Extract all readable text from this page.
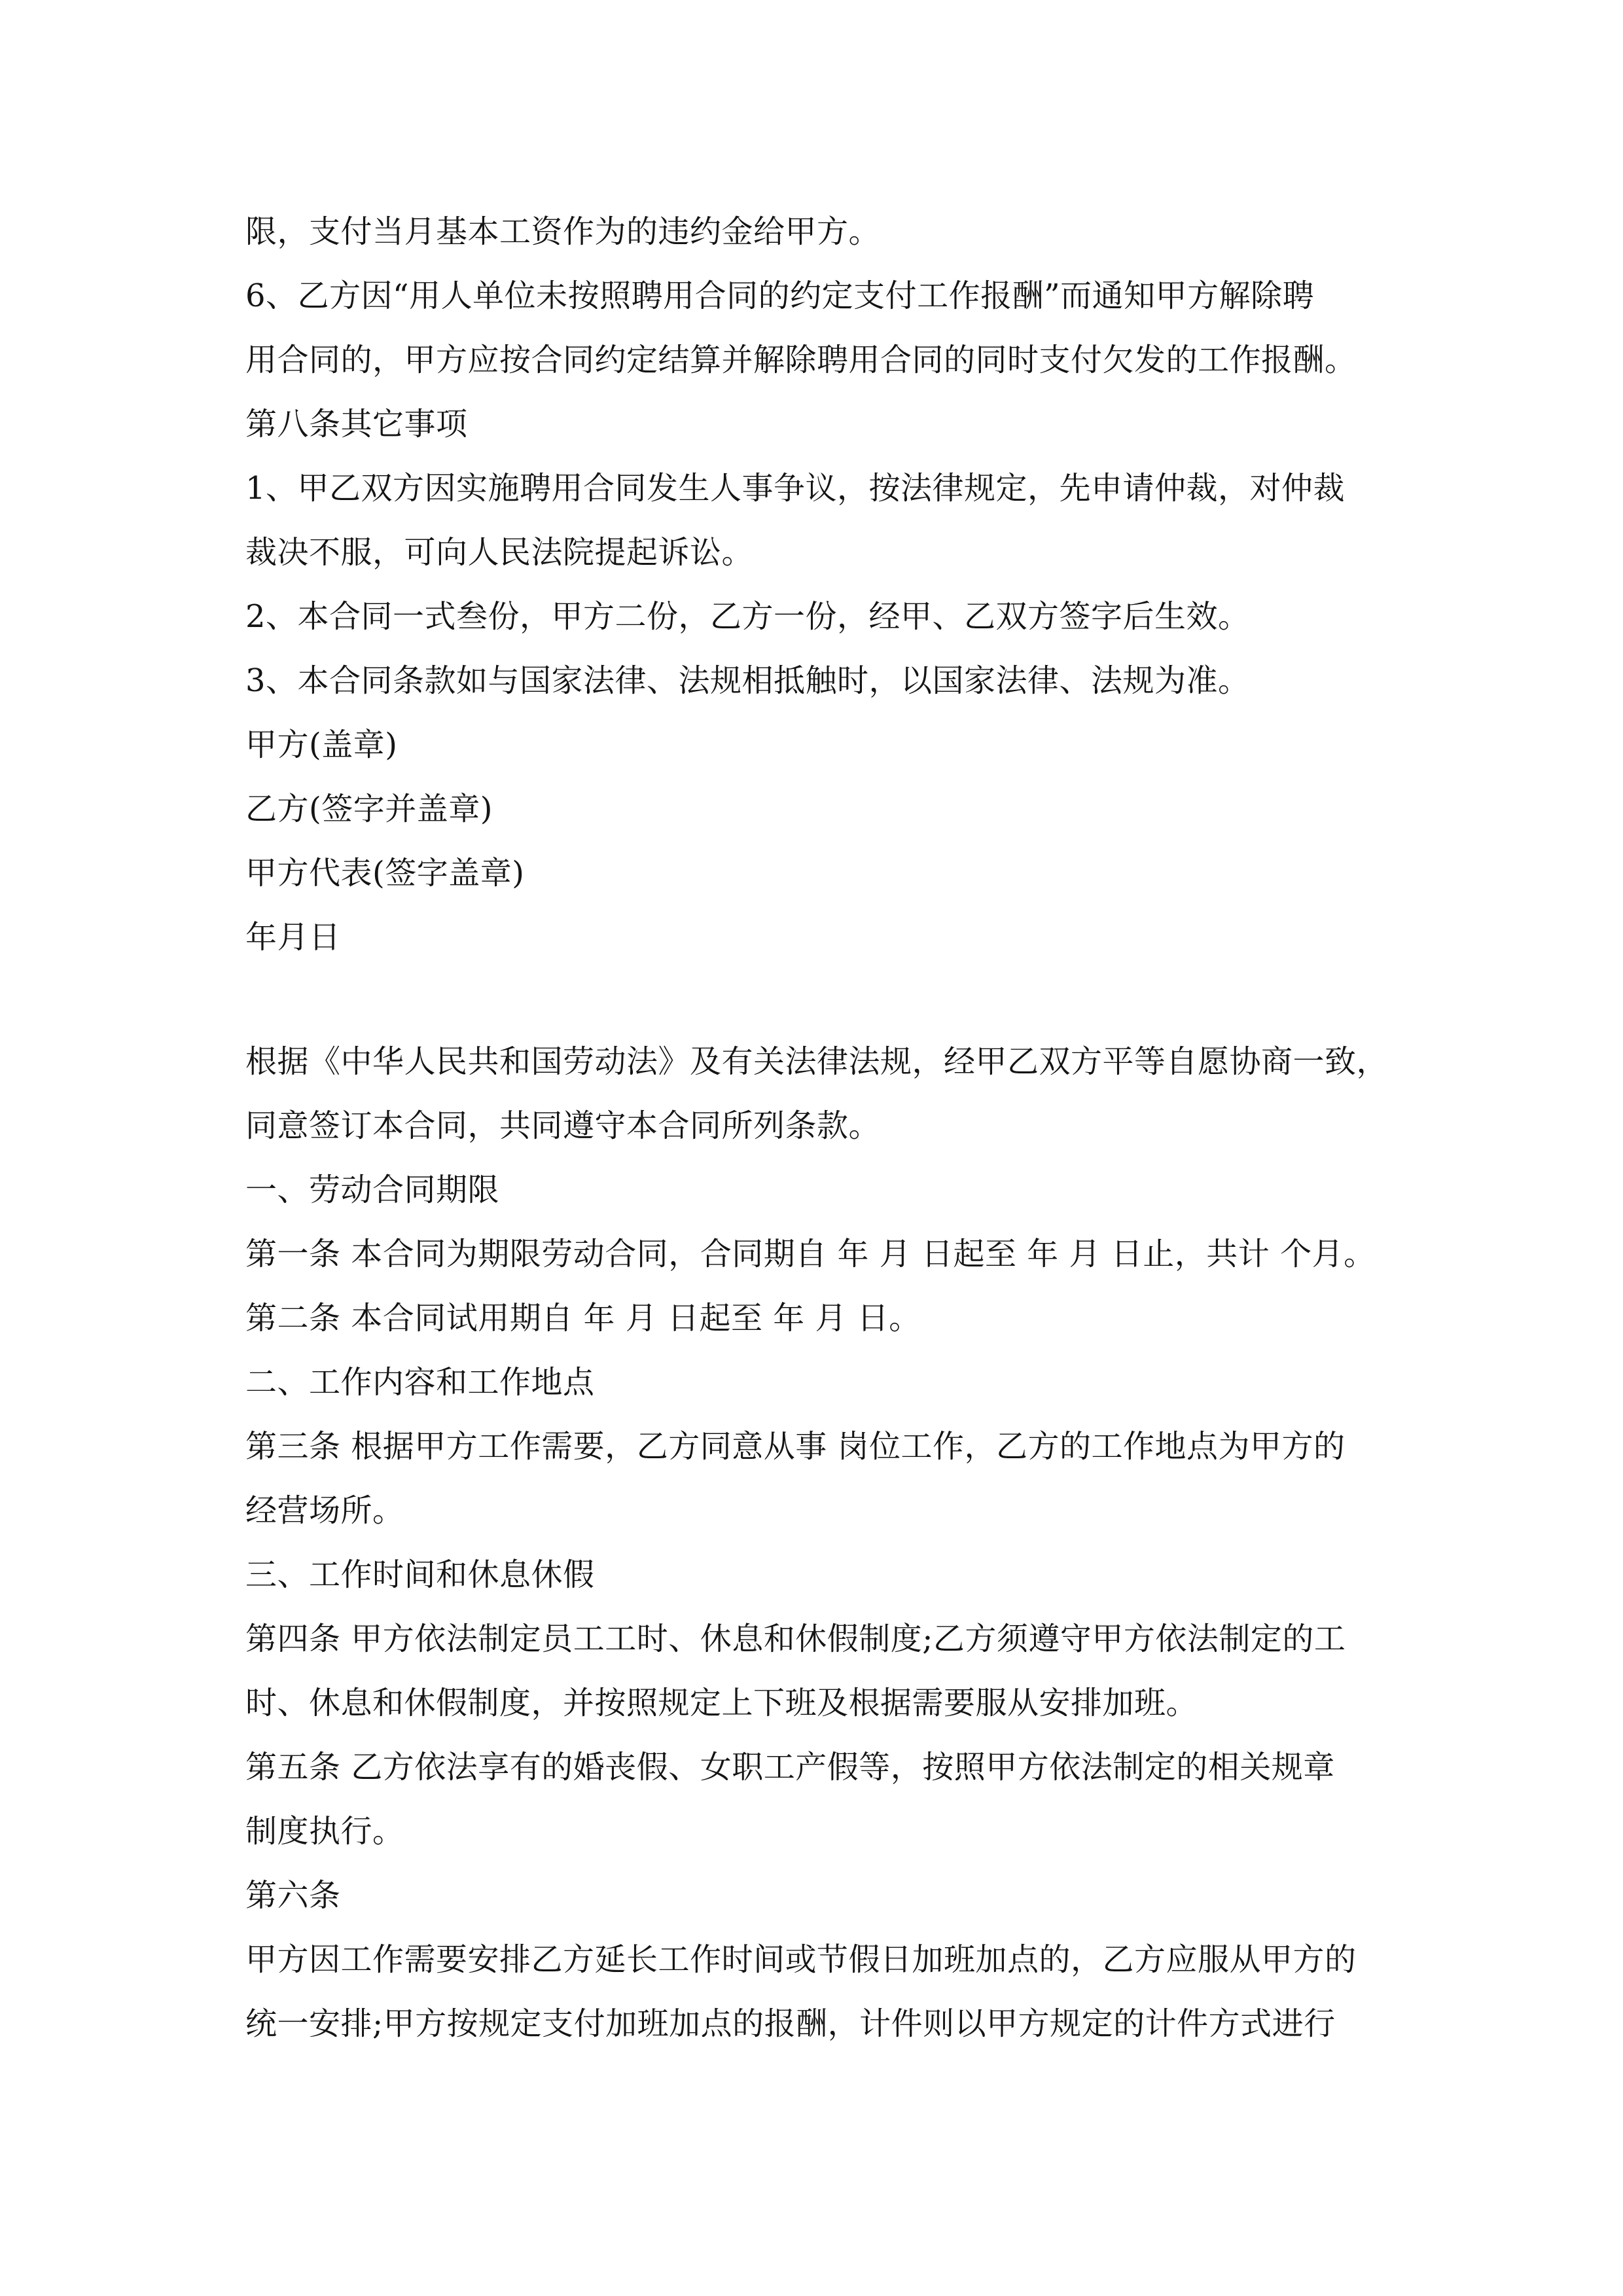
限，支付当月基本工资作为的违约金给甲方。
6、乙方因“用人单位未按照聘用合同的约定支付工作报酬”而通知甲方解除聘
用合同的，甲方应按合同约定结算并解除聘用合同的同时支付欠发的工作报酬。
第八条其它事项
1、甲乙双方因实施聘用合同发生人事争议，按法律规定，先申请仲裁，对仲裁
裁决不服，可向人民法院提起诉讼。
2、本合同一式叁份，甲方二份，乙方一份，经甲、乙双方签字后生效。
3、本合同条款如与国家法律、法规相抵触时，以国家法律、法规为准。
甲方(盖章)
乙方(签字并盖章)
甲方代表(签字盖章)
年月日
根据《中华人民共和国劳动法》及有关法律法规，经甲乙双方平等自愿协商一致，
同意签订本合同，共同遵守本合同所列条款。
一、劳动合同期限
第一条 本合同为期限劳动合同，合同期自 年 月 日起至 年 月 日止，共计 个月。
第二条 本合同试用期自 年 月 日起至 年 月 日。
二、工作内容和工作地点
第三条 根据甲方工作需要，乙方同意从事 岗位工作，乙方的工作地点为甲方的
经营场所。
三、工作时间和休息休假
第四条 甲方依法制定员工工时、休息和休假制度;乙方须遵守甲方依法制定的工
时、休息和休假制度，并按照规定上下班及根据需要服从安排加班。
第五条 乙方依法享有的婚丧假、女职工产假等，按照甲方依法制定的相关规章
制度执行。
第六条
甲方因工作需要安排乙方延长工作时间或节假日加班加点的，乙方应服从甲方的
统一安排;甲方按规定支付加班加点的报酬，计件则以甲方规定的计件方式进行
